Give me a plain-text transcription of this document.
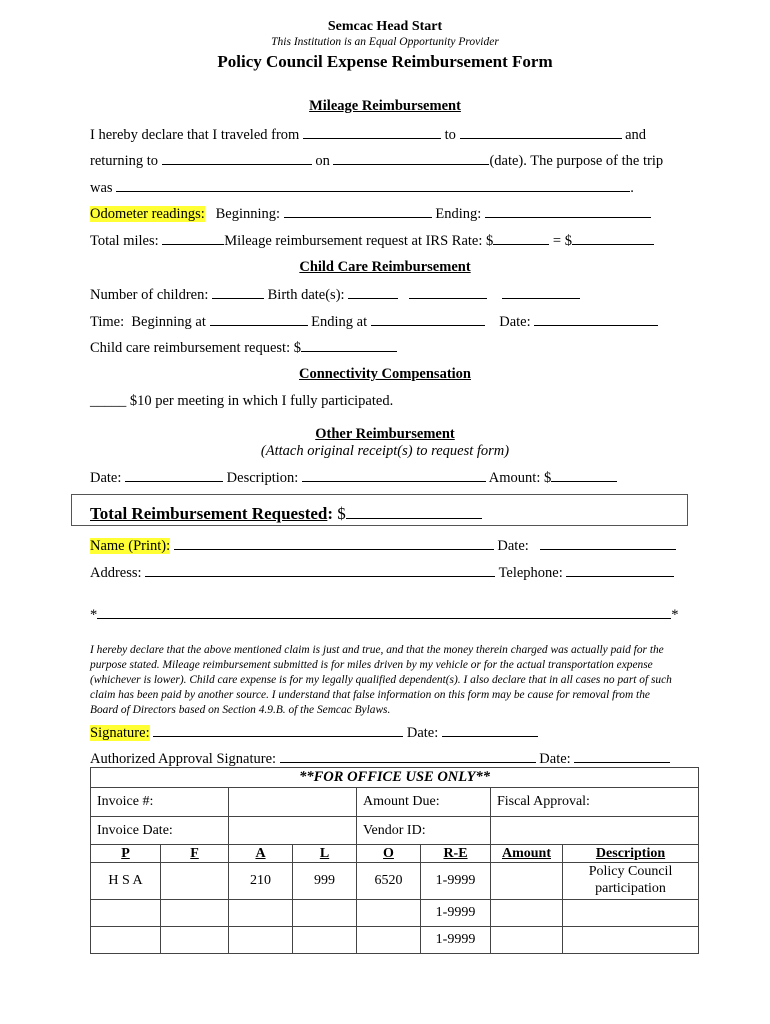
Semcac Head Start
This Institution is an Equal Opportunity Provider
Policy Council Expense Reimbursement Form
Mileage Reimbursement
I hereby declare that I traveled from	to	and
returning to	on	(date). The purpose of the trip
was	.
Odometer readings: Beginning:	Ending:
Total miles:	Mileage reimbursement request at IRS Rate: $	= $
Child Care Reimbursement
Number of children:	Birth date(s):
Time: Beginning at	Ending at	Date:
Child care reimbursement request: $
Connectivity Compensation
_____ $10 per meeting in which I fully participated.
Other Reimbursement
(Attach original receipt(s) to request form)
Date:	Description:	Amount: $
Total Reimbursement Requested: $
Name (Print):	Date:
Address:	Telephone:
*	*
I hereby declare that the above mentioned claim is just and true, and that the money therein charged was actually paid for the purpose stated. Mileage reimbursement submitted is for miles driven by my vehicle or for the actual transportation expense (whichever is lower). Child care expense is for my legally qualified dependent(s). I also declare that in all cases no part of such claim has been paid by another source. I understand that false information on this form may be cause for removal from the Board of Directors based on Section 4.9.B. of the Semcac Bylaws.
Signature:	Date:
Authorized Approval Signature:	Date:
**FOR OFFICE USE ONLY**							
Invoice #:				Amount Due:		Fiscal Approval:	
Invoice Date:				Vendor ID:			
P	F	A	L	O	R-E	Amount	Description
H S A		210	999	6520	1-9999		Policy Council participation
					1-9999		
					1-9999		
